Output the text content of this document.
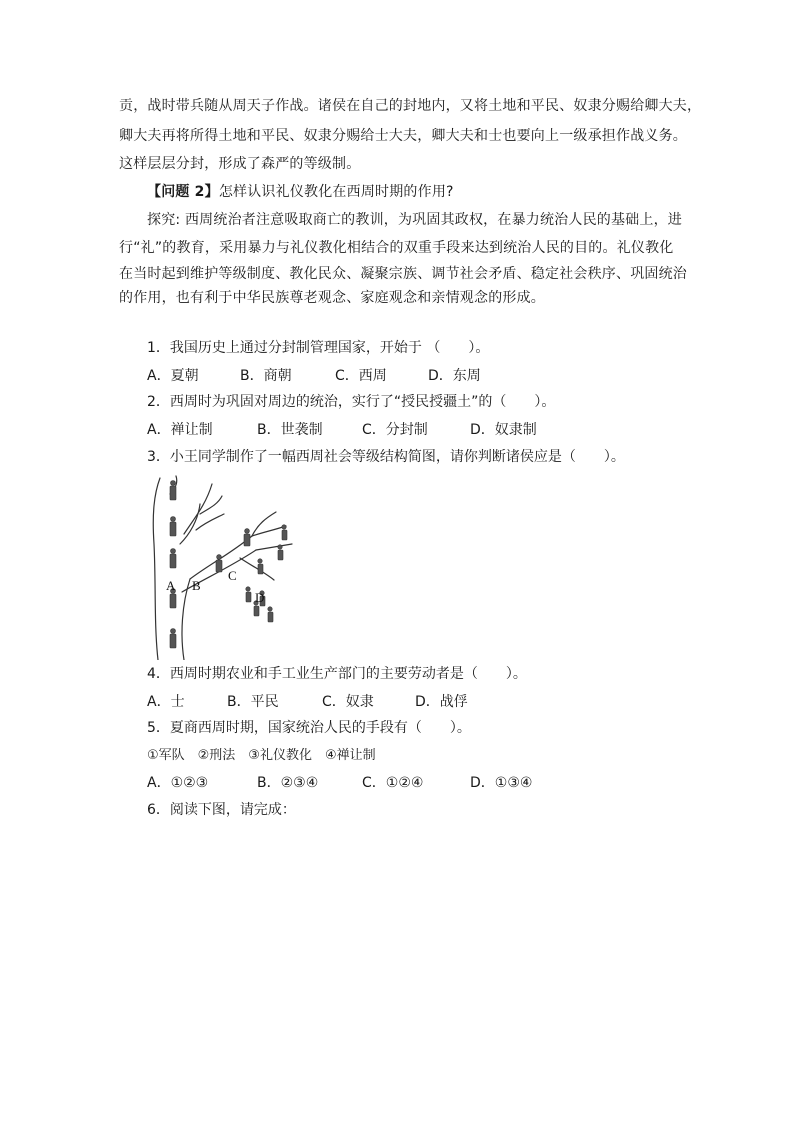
贡，战时带兵随从周天子作战。诸侯在自己的封地内，又将土地和平民、奴隶分赐给卿大夫，
卿大夫再将所得土地和平民、奴隶分赐给士大夫，卿大夫和士也要向上一级承担作战义务。
这样层层分封，形成了森严的等级制。
【问题 2】怎样认识礼仪教化在西周时期的作用?
探究: 西周统治者注意吸取商亡的教训，为巩固其政权，在暴力统治人民的基础上，进
行“礼”的教育，采用暴力与礼仪教化相结合的双重手段来达到统治人民的目的。礼仪教化
在当时起到维护等级制度、教化民众、凝聚宗族、调节社会矛盾、稳定社会秩序、巩固统治
的作用，也有利于中华民族尊老观念、家庭观念和亲情观念的形成。
1．我国历史上通过分封制管理国家，开始于 （　　）。
A．夏朝	B．商朝	C．西周	D．东周
2．西周时为巩固对周边的统治，实行了“授民授疆土”的（　　）。
A．禅让制	B．世袭制	C．分封制	D．奴隶制
3．小王同学制作了一幅西周社会等级结构简图，请你判断诸侯应是（　　）。
A B
C
D
4．西周时期农业和手工业生产部门的主要劳动者是（　　）。
A．士	B．平民	C．奴隶	D．战俘
5．夏商西周时期，国家统治人民的手段有（　　）。
①军队　②刑法　③礼仪教化　④禅让制
A．①②③	B．②③④	C．①②④	D．①③④
6．阅读下图，请完成：
